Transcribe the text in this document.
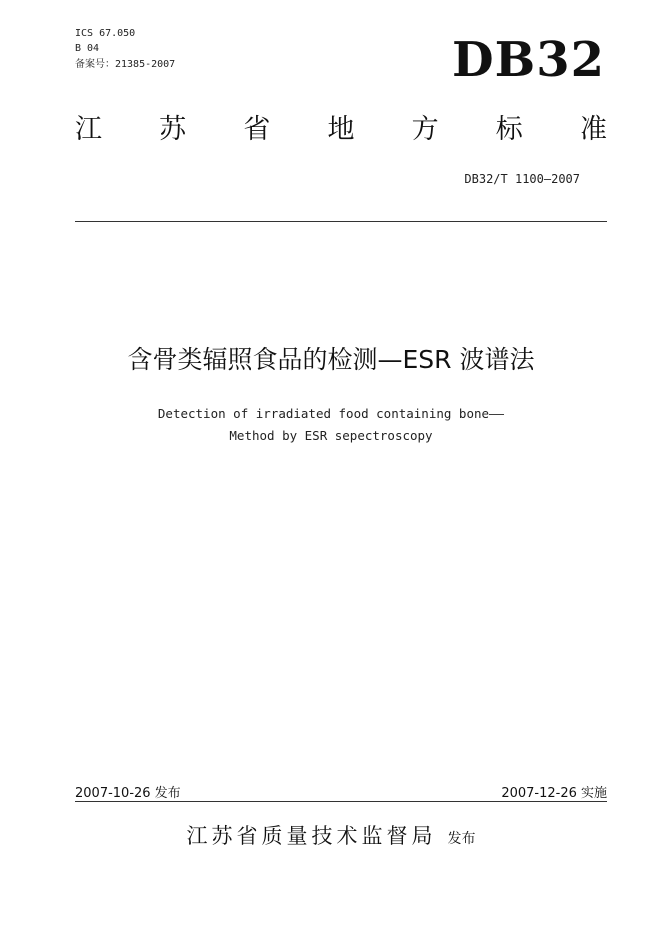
ICS 67.050
B 04
备案号：21385-2007	DB32
江 苏 省 地 方 标 准
DB32/T 1100—2007
含骨类辐照食品的检测—ESR 波谱法
Detection of irradiated food containing bone——
Method by ESR sepectroscopy
2007-10-26 发布	2007-12-26 实施
江苏省质量技术监督局 发布
